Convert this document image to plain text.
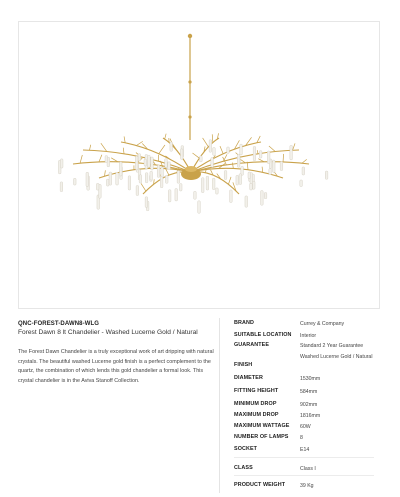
QNC-FOREST-DAWN8-WLG
Forest Dawn 8 lt Chandelier - Washed Lucerne Gold / Natural
The Forest Dawn Chandelier is a truly exceptional work of art dripping with natural crystals. The beautiful washed Lucerne gold finish is a perfect complement to the quartz, the combination of which lends this gold chandelier a formal look. This crystal chandelier is in the Aviva Stanoff Collection.
BRAND	Currey & Company
SUITABLE LOCATION Interior
GUARANTEE	Standard 2 Year Guarantee
FINISH
Washed Lucerne Gold / Natural
DIAMETER	1530mm
FITTING HEIGHT	584mm
MINIMUM DROP	902mm
MAXIMUM DROP	1816mm
MAXIMUM WATTAGE 60W
NUMBER OF LAMPS 8
SOCKET	E14
CLASS	Class I
PRODUCT WEIGHT	39 Kg
